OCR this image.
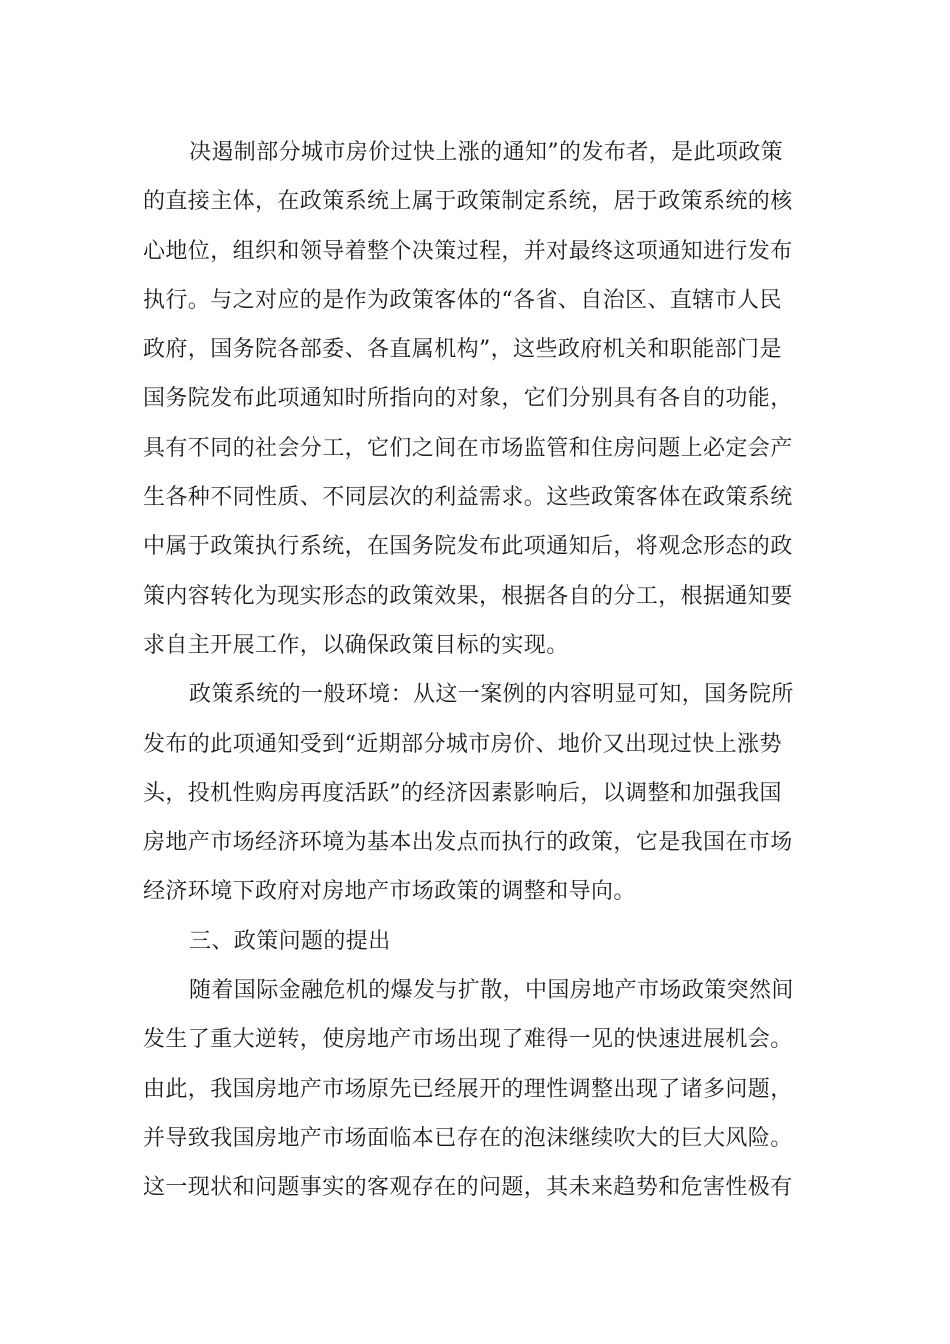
决遏制部分城市房价过快上涨的通知”的发布者，是此项政策
的直接主体，在政策系统上属于政策制定系统，居于政策系统的核
心地位，组织和领导着整个决策过程，并对最终这项通知进行发布
执行。与之对应的是作为政策客体的“各省、自治区、直辖市人民
政府，国务院各部委、各直属机构”，这些政府机关和职能部门是
国务院发布此项通知时所指向的对象，它们分别具有各自的功能，
具有不同的社会分工，它们之间在市场监管和住房问题上必定会产
生各种不同性质、不同层次的利益需求。这些政策客体在政策系统
中属于政策执行系统，在国务院发布此项通知后，将观念形态的政
策内容转化为现实形态的政策效果，根据各自的分工，根据通知要
求自主开展工作，以确保政策目标的实现。
政策系统的一般环境：从这一案例的内容明显可知，国务院所
发布的此项通知受到“近期部分城市房价、地价又出现过快上涨势
头，投机性购房再度活跃”的经济因素影响后，以调整和加强我国
房地产市场经济环境为基本出发点而执行的政策，它是我国在市场
经济环境下政府对房地产市场政策的调整和导向。
三、政策问题的提出
随着国际金融危机的爆发与扩散，中国房地产市场政策突然间
发生了重大逆转，使房地产市场出现了难得一见的快速进展机会。
由此，我国房地产市场原先已经展开的理性调整出现了诸多问题，
并导致我国房地产市场面临本已存在的泡沫继续吹大的巨大风险。
这一现状和问题事实的客观存在的问题，其未来趋势和危害性极有
